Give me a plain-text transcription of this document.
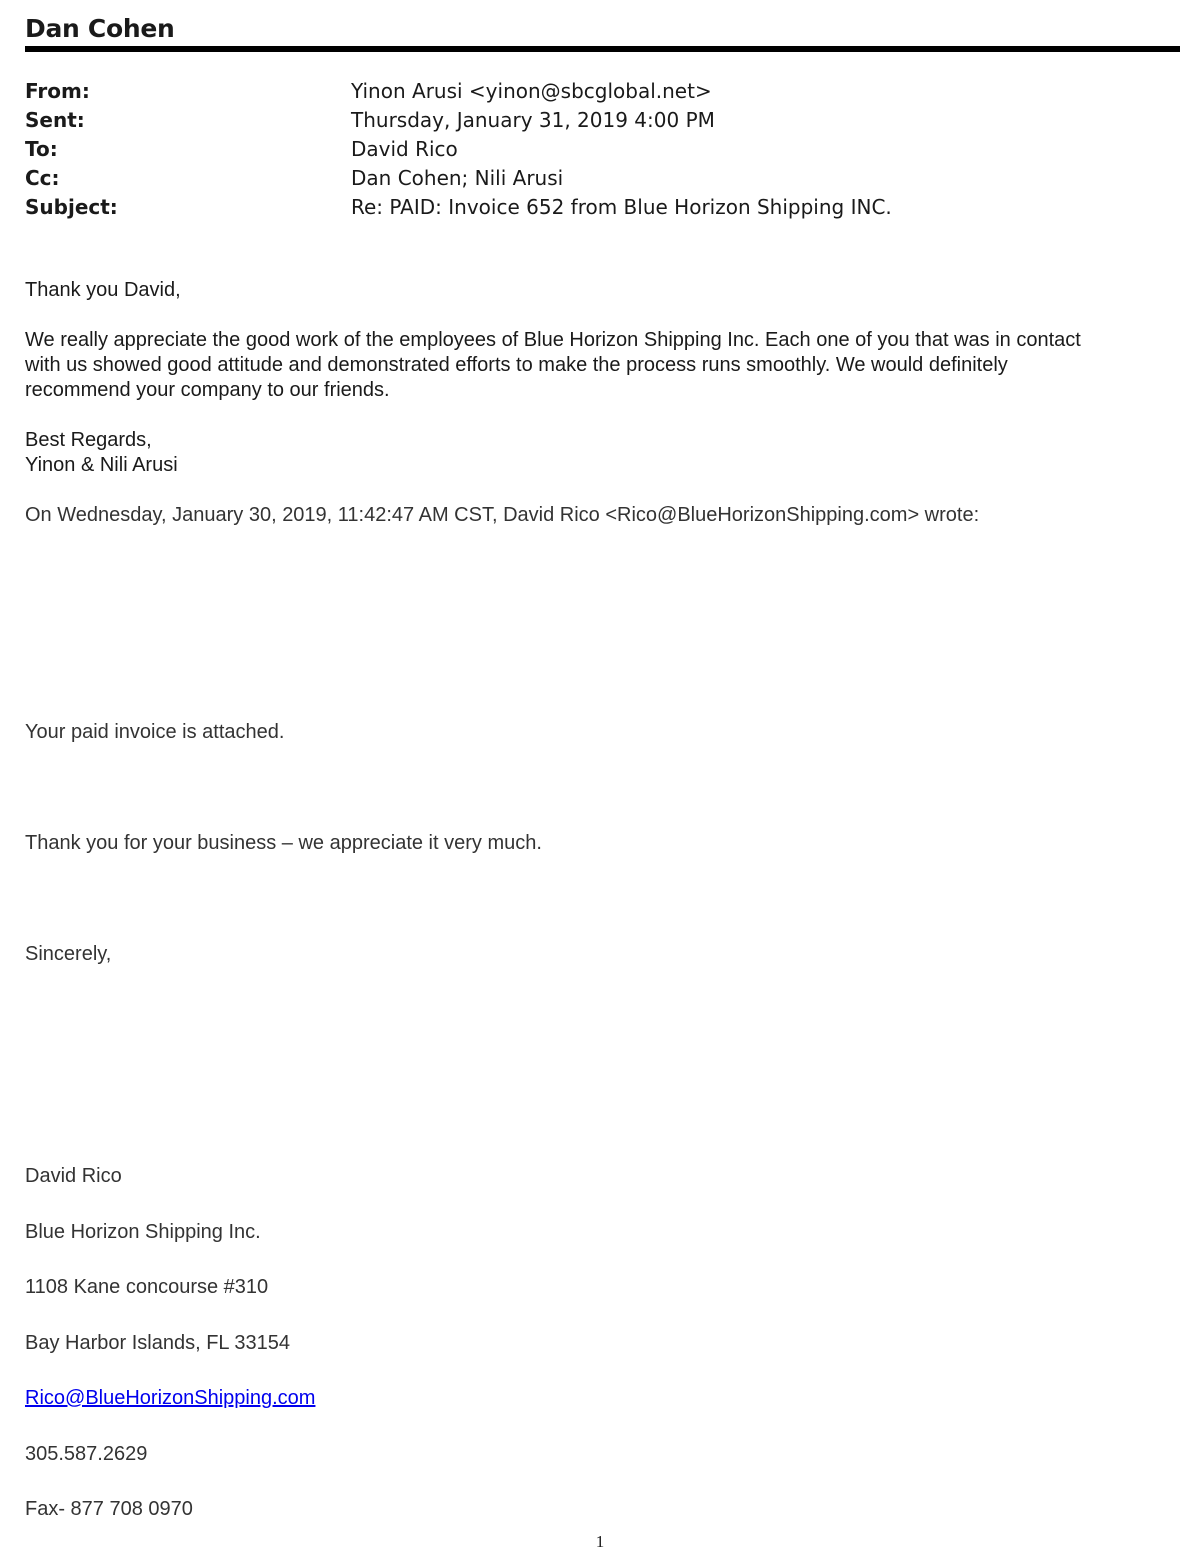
Dan Cohen
From:	Yinon Arusi <yinon@sbcglobal.net>
Sent:	Thursday, January 31, 2019 4:00 PM
To:	David Rico
Cc:	Dan Cohen; Nili Arusi
Subject:	Re: PAID: Invoice 652 from Blue Horizon Shipping INC.
Thank you David,
We really appreciate the good work of the employees of Blue Horizon Shipping Inc. Each one of you that was in contact
with us showed good attitude and demonstrated efforts to make the process runs smoothly. We would definitely
recommend your company to our friends.
Best Regards,
Yinon & Nili Arusi
On Wednesday, January 30, 2019, 11:42:47 AM CST, David Rico <Rico@BlueHorizonShipping.com> wrote:
Your paid invoice is attached.
Thank you for your business – we appreciate it very much.
Sincerely,
David Rico
Blue Horizon Shipping Inc.
1108 Kane concourse #310
Bay Harbor Islands, FL 33154
Rico@BlueHorizonShipping.com
305.587.2629
Fax- 877 708 0970
1
